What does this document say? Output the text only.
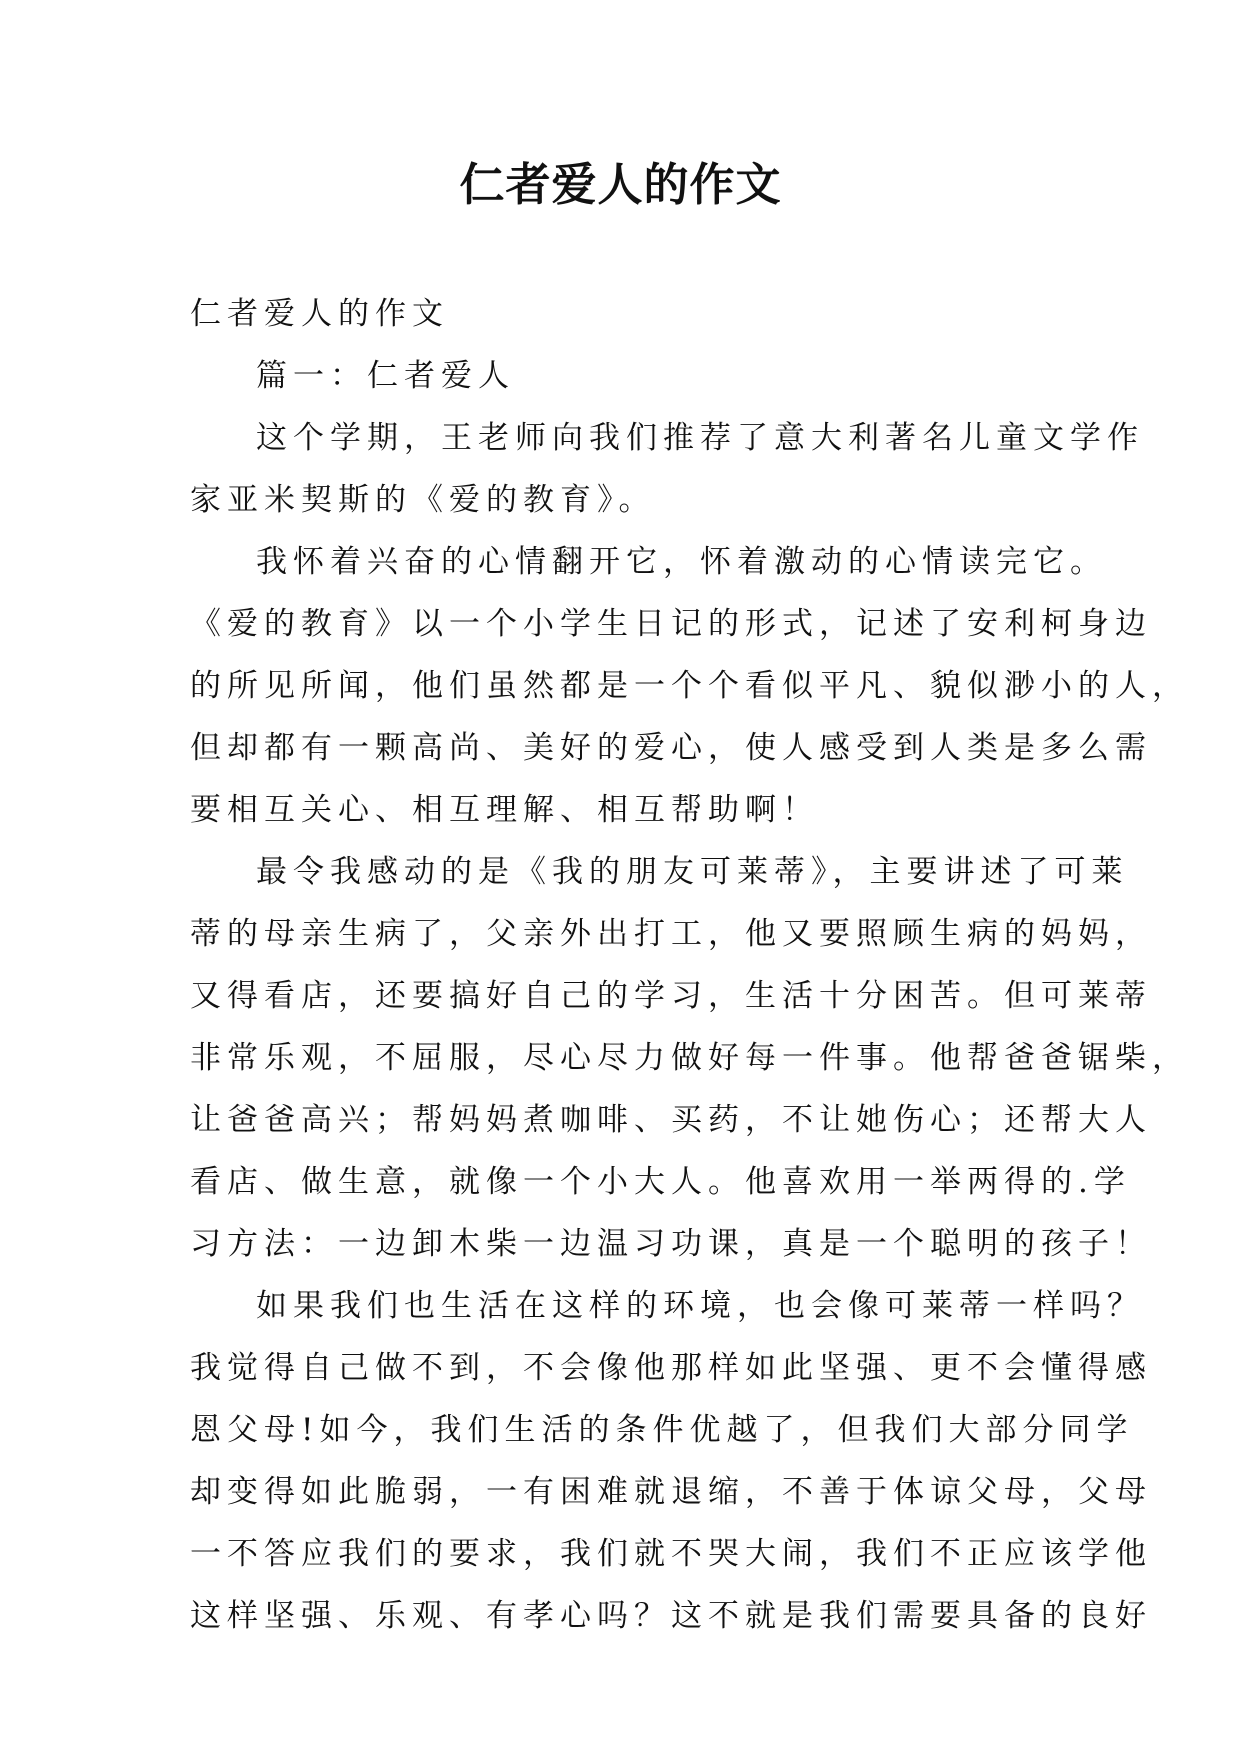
仁者爱人的作文
仁者爱人的作文
篇一：仁者爱人
这个学期，王老师向我们推荐了意大利著名儿童文学作
家亚米契斯的《爱的教育》。
我怀着兴奋的心情翻开它，怀着激动的心情读完它。
《爱的教育》以一个小学生日记的形式，记述了安利柯身边
的所见所闻，他们虽然都是一个个看似平凡、貌似渺小的人，
但却都有一颗高尚、美好的爱心，使人感受到人类是多么需
要相互关心、相互理解、相互帮助啊！
最令我感动的是《我的朋友可莱蒂》，主要讲述了可莱
蒂的母亲生病了，父亲外出打工，他又要照顾生病的妈妈，
又得看店，还要搞好自己的学习，生活十分困苦。但可莱蒂
非常乐观，不屈服，尽心尽力做好每一件事。他帮爸爸锯柴，
让爸爸高兴；帮妈妈煮咖啡、买药，不让她伤心；还帮大人
看店、做生意，就像一个小大人。他喜欢用一举两得的.学
习方法：一边卸木柴一边温习功课，真是一个聪明的孩子！
如果我们也生活在这样的环境，也会像可莱蒂一样吗？
我觉得自己做不到，不会像他那样如此坚强、更不会懂得感
恩父母!如今，我们生活的条件优越了，但我们大部分同学
却变得如此脆弱，一有困难就退缩，不善于体谅父母，父母
一不答应我们的要求，我们就不哭大闹，我们不正应该学他
这样坚强、乐观、有孝心吗？这不就是我们需要具备的良好
